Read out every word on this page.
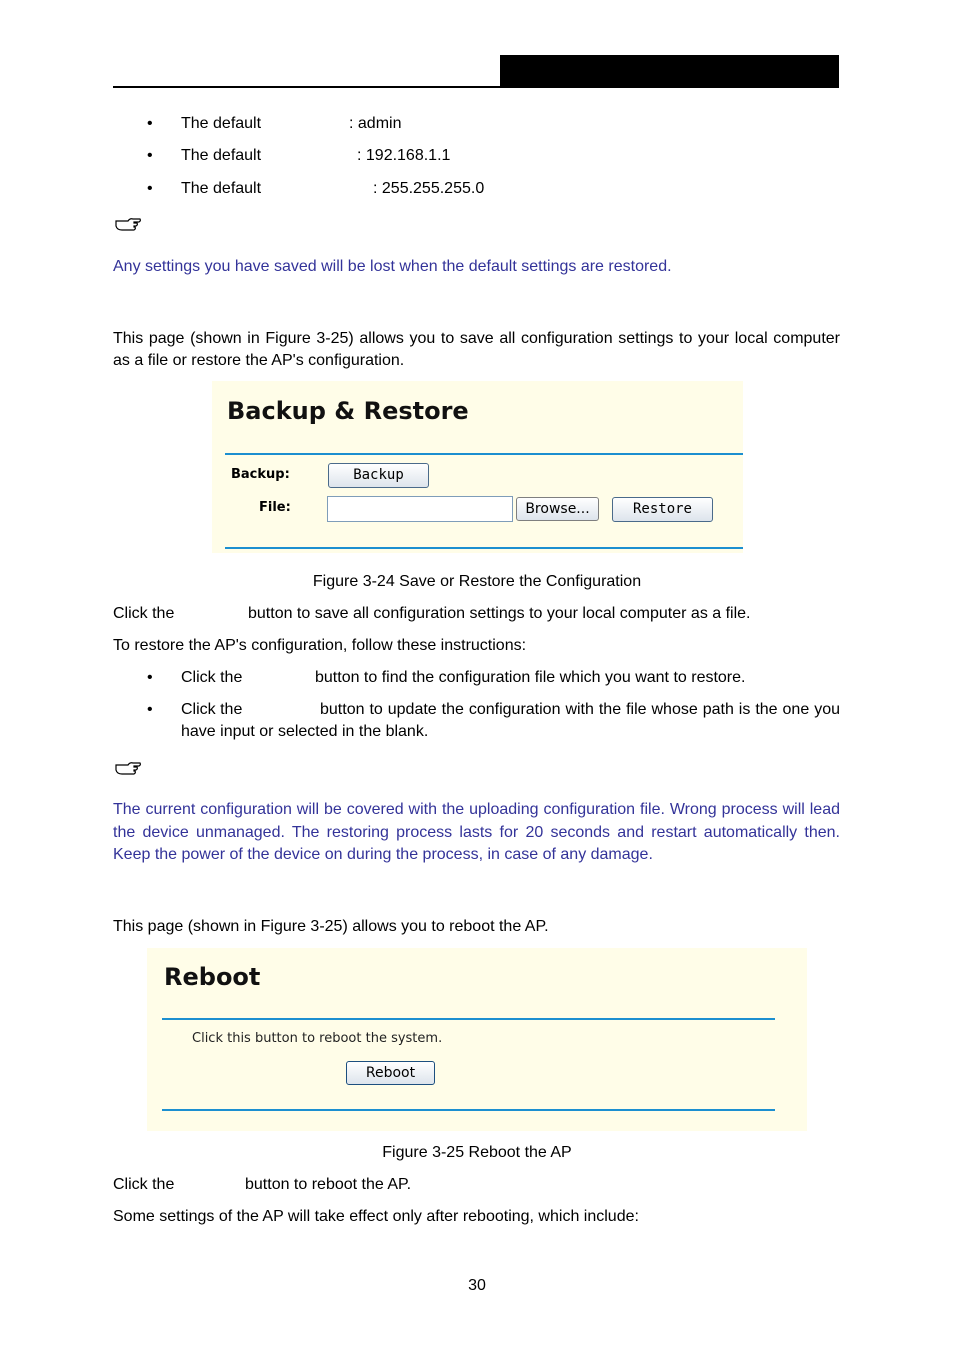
• The default	: admin
• The default	: 192.168.1.1
• The default	: 255.255.255.0
Any settings you have saved will be lost when the default settings are restored.
This page (shown in Figure 3-25) allows you to save all configuration settings to your local computer as a file or restore the AP's configuration.
Backup & Restore
Backup:	Backup
File:	Browse...	Restore
Figure 3-24 Save or Restore the Configuration
Click the	button to save all configuration settings to your local computer as a file.
To restore the AP's configuration, follow these instructions:
• Click the	button to find the configuration file which you want to restore.
• Click the	button to update the configuration with the file whose path is the one you have input or selected in the blank.
The current configuration will be covered with the uploading configuration file. Wrong process will lead the device unmanaged. The restoring process lasts for 20 seconds and restart automatically then. Keep the power of the device on during the process, in case of any damage.
This page (shown in Figure 3-25) allows you to reboot the AP.
Reboot
Click this button to reboot the system.
Reboot
Figure 3-25 Reboot the AP
Click the	button to reboot the AP.
Some settings of the AP will take effect only after rebooting, which include:
30
